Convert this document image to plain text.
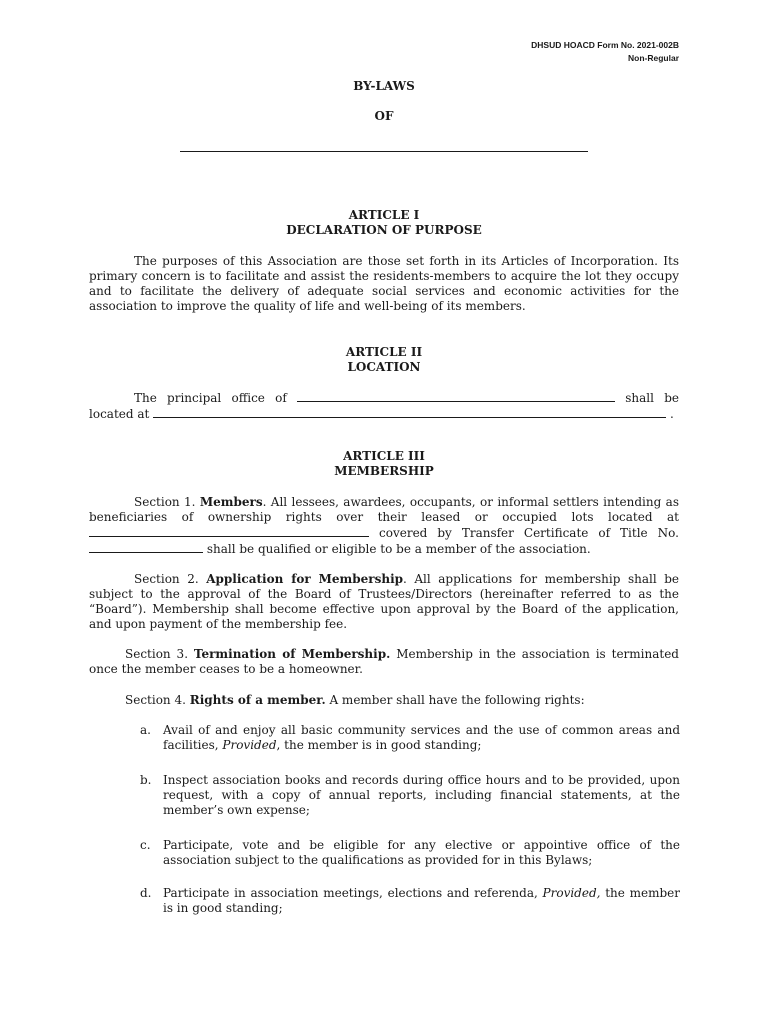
DHSUD HOACD Form No. 2021-002B
Non-Regular
BY-LAWS
OF
ARTICLE I
DECLARATION OF PURPOSE

The purposes of this Association are those set forth in its Articles of Incorporation. Its primary concern is to facilitate and assist the residents-members to acquire the lot they occupy and to facilitate the delivery of adequate social services and economic activities for the association to improve the quality of life and well-being of its members.

ARTICLE II
LOCATION

The principal office of	shall be located at	.

ARTICLE III
MEMBERSHIP

Section 1. Members. All lessees, awardees, occupants, or informal settlers intending as beneficiaries of ownership rights over their leased or occupied lots located at  covered by Transfer Certificate of Title No.  shall be qualified or eligible to be a member of the association.

Section 2. Application for Membership. All applications for membership shall be subject to the approval of the Board of Trustees/Directors (hereinafter referred to as the “Board”). Membership shall become effective upon approval by the Board of the application, and upon payment of the membership fee.

Section 3. Termination of Membership. Membership in the association is terminated once the member ceases to be a homeowner.

Section 4. Rights of a member. A member shall have the following rights:

a. Avail of and enjoy all basic community services and the use of common areas and facilities, Provided, the member is in good standing;
b. Inspect association books and records during office hours and to be provided, upon request, with a copy of annual reports, including financial statements, at the member’s own expense;
c. Participate, vote and be eligible for any elective or appointive office of the association subject to the qualifications as provided for in this Bylaws;
d. Participate in association meetings, elections and referenda, Provided, the member is in good standing;
